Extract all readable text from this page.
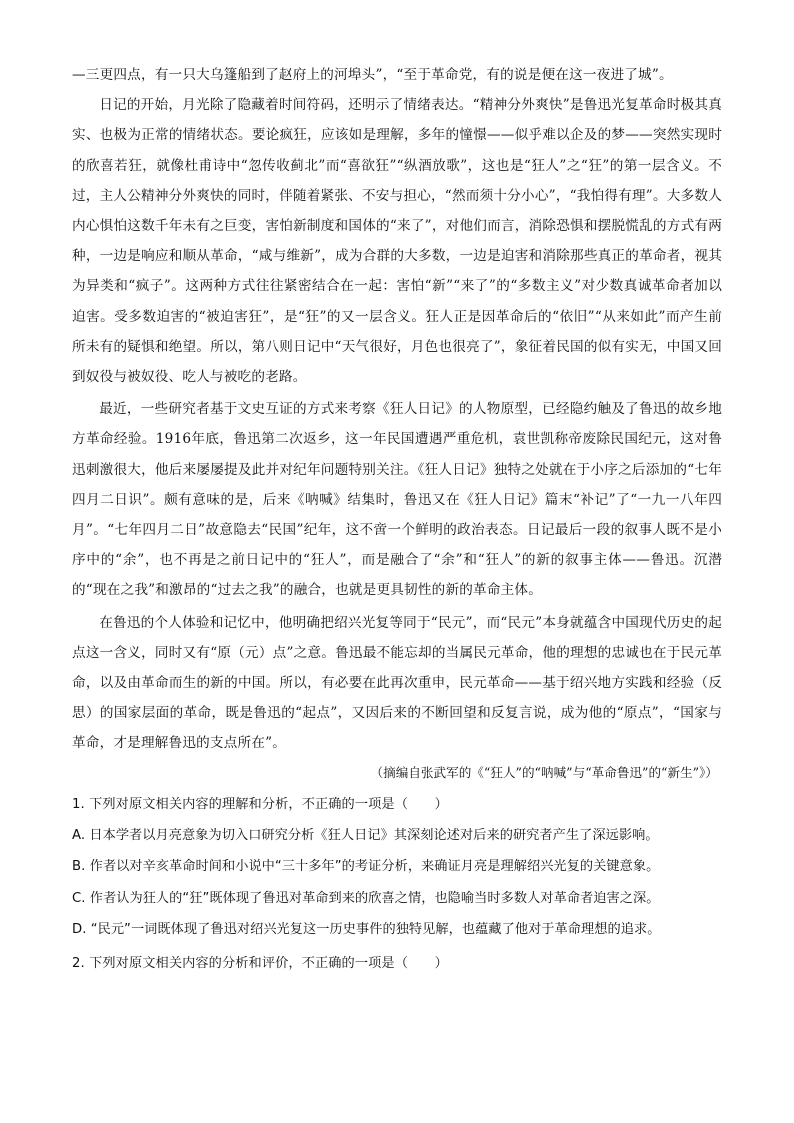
—三更四点，有一只大乌篷船到了赵府上的河埠头”，“至于革命党，有的说是便在这一夜进了城”。

日记的开始，月光除了隐藏着时间符码，还明示了情绪表达。“精神分外爽快”是鲁迅光复革命时极其真实、也极为正常的情绪状态。要论疯狂，应该如是理解，多年的憧憬——似乎难以企及的梦——突然实现时的欣喜若狂，就像杜甫诗中“忽传收蓟北”而“喜欲狂”“纵酒放歌”，这也是“狂人”之“狂”的第一层含义。不过，主人公精神分外爽快的同时，伴随着紧张、不安与担心，“然而须十分小心”，“我怕得有理”。大多数人内心惧怕这数千年未有之巨变，害怕新制度和国体的“来了”，对他们而言，消除恐惧和摆脱慌乱的方式有两种，一边是响应和顺从革命，“咸与维新”，成为合群的大多数，一边是迫害和消除那些真正的革命者，视其为异类和“疯子”。这两种方式往往紧密结合在一起：害怕“新”“来了”的“多数主义”对少数真诚革命者加以迫害。受多数迫害的“被迫害狂”，是“狂”的又一层含义。狂人正是因革命后的“依旧”“从来如此”而产生前所未有的疑惧和绝望。所以，第八则日记中“天气很好，月色也很亮了”，象征着民国的似有实无，中国又回到奴役与被奴役、吃人与被吃的老路。

最近，一些研究者基于文史互证的方式来考察《狂人日记》的人物原型，已经隐约触及了鲁迅的故乡地方革命经验。1916年底，鲁迅第二次返乡，这一年民国遭遇严重危机，袁世凯称帝废除民国纪元，这对鲁迅刺激很大，他后来屡屡提及此并对纪年问题特别关注。《狂人日记》独特之处就在于小序之后添加的“七年四月二日识”。颇有意味的是，后来《呐喊》结集时，鲁迅又在《狂人日记》篇末“补记”了“一九一八年四月”。“七年四月二日”故意隐去“民国”纪年，这不啻一个鲜明的政治表态。日记最后一段的叙事人既不是小序中的“余”，也不再是之前日记中的“狂人”，而是融合了“余”和“狂人”的新的叙事主体——鲁迅。沉潜的“现在之我”和激昂的“过去之我”的融合，也就是更具韧性的新的革命主体。

在鲁迅的个人体验和记忆中，他明确把绍兴光复等同于“民元”，而“民元”本身就蕴含中国现代历史的起点这一含义，同时又有“原（元）点”之意。鲁迅最不能忘却的当属民元革命，他的理想的忠诚也在于民元革命，以及由革命而生的新的中国。所以，有必要在此再次重申，民元革命——基于绍兴地方实践和经验（反思）的国家层面的革命，既是鲁迅的“起点”，又因后来的不断回望和反复言说，成为他的“原点”，“国家与革命，才是理解鲁迅的支点所在”。

（摘编自张武军的《“狂人”的“呐喊”与“革命鲁迅”的“新生”》）

1. 下列对原文相关内容的理解和分析，不正确的一项是（　　）

A. 日本学者以月亮意象为切入口研究分析《狂人日记》其深刻论述对后来的研究者产生了深远影响。

B. 作者以对辛亥革命时间和小说中“三十多年”的考证分析，来确证月亮是理解绍兴光复的关键意象。

C. 作者认为狂人的“狂”既体现了鲁迅对革命到来的欣喜之情，也隐喻当时多数人对革命者迫害之深。

D. “民元”一词既体现了鲁迅对绍兴光复这一历史事件的独特见解，也蕴藏了他对于革命理想的追求。

2. 下列对原文相关内容的分析和评价，不正确的一项是（　　）
